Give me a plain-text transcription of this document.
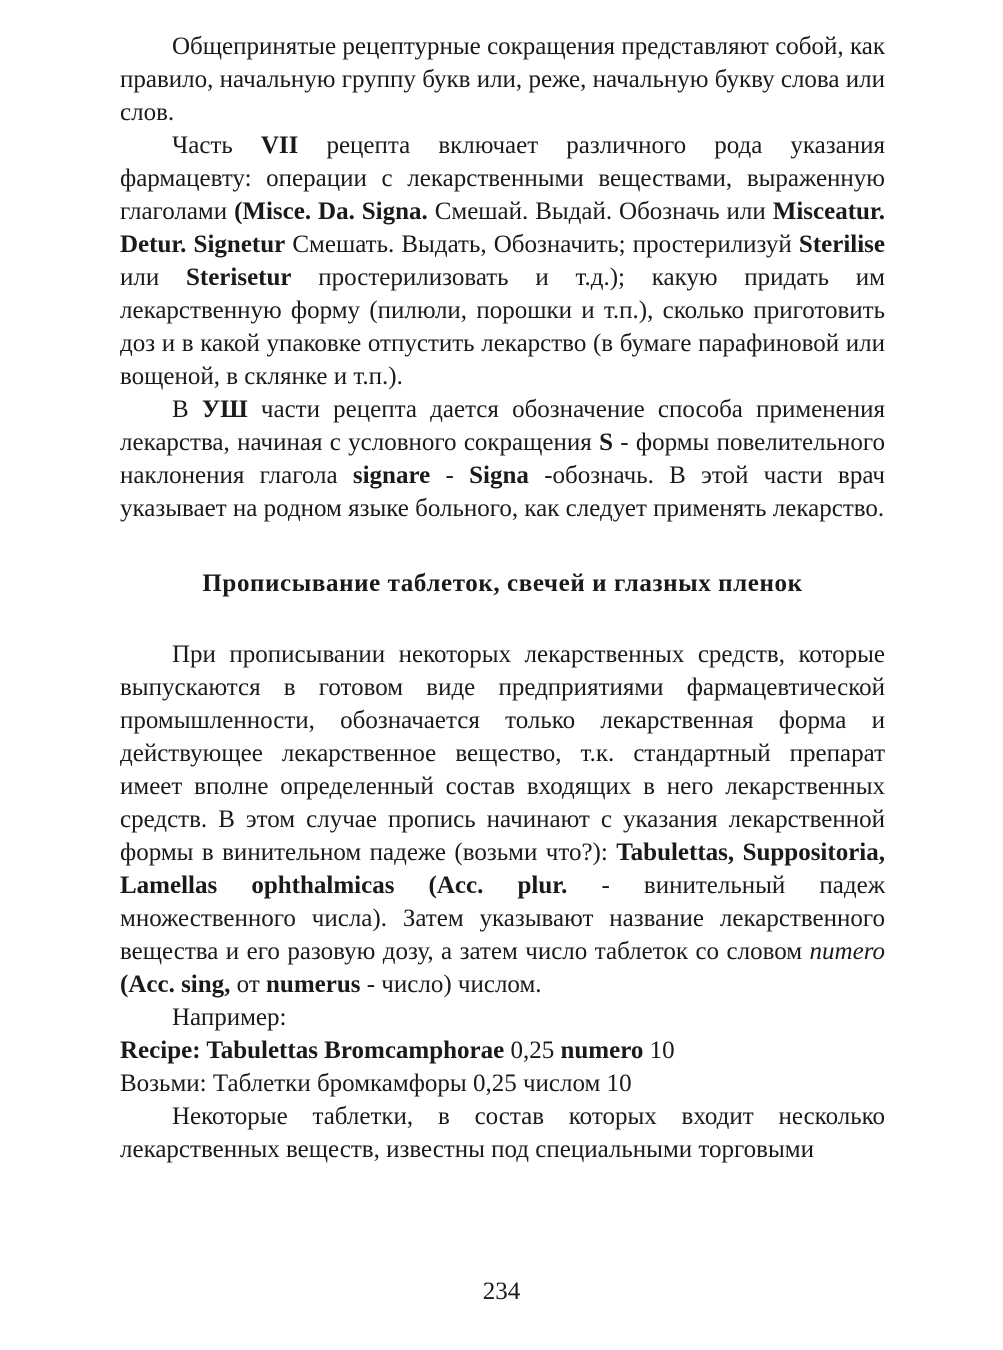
Общепринятые рецептурные сокращения представляют собой, как правило, начальную группу букв или, реже, начальную букву слова или слов.

Часть VII рецепта включает различного рода указания фармацевту: операции с лекарственными веществами, выраженную глаголами (Misce. Da. Signa. Смешай. Выдай. Обозначь или Misceatur. Detur. Signetur Смешать. Выдать, Обозначить; простерилизуй Sterilise или Sterisetur простерилизовать и т.д.); какую придать им лекарственную форму (пилюли, порошки и т.п.), сколько приготовить доз и в какой упаковке отпустить лекарство (в бумаге парафиновой или вощеной, в склянке и т.п.).

В УШ части рецепта дается обозначение способа применения лекарства, начиная с условного сокращения S - формы повелительного наклонения глагола signare - Signa -обозначь. В этой части врач указывает на родном языке больного, как следует применять лекарство.

Прописывание таблеток, свечей и глазных пленок

При прописывании некоторых лекарственных средств, которые выпускаются в готовом виде предприятиями фармацевтической промышленности, обозначается только лекарственная форма и действующее лекарственное вещество, т.к. стандартный препарат имеет вполне определенный состав входящих в него лекарственных средств. В этом случае пропись начинают с указания лекарственной формы в винительном падеже (возьми что?): Tabulettas, Suppositoria, Lamellas ophthalmicas (Acc. plur. - винительный падеж множественного числа). Затем указывают название лекарственного вещества и его разовую дозу, а затем число таблеток со словом numero (Acc. sing, от numerus - число) числом.

Например:

Recipe: Tabulettas Bromcamphorae 0,25 numero 10

Возьми: Таблетки бромкамфоры 0,25 числом 10

Некоторые таблетки, в состав которых входит несколько лекарственных веществ, известны под специальными торговыми

234
